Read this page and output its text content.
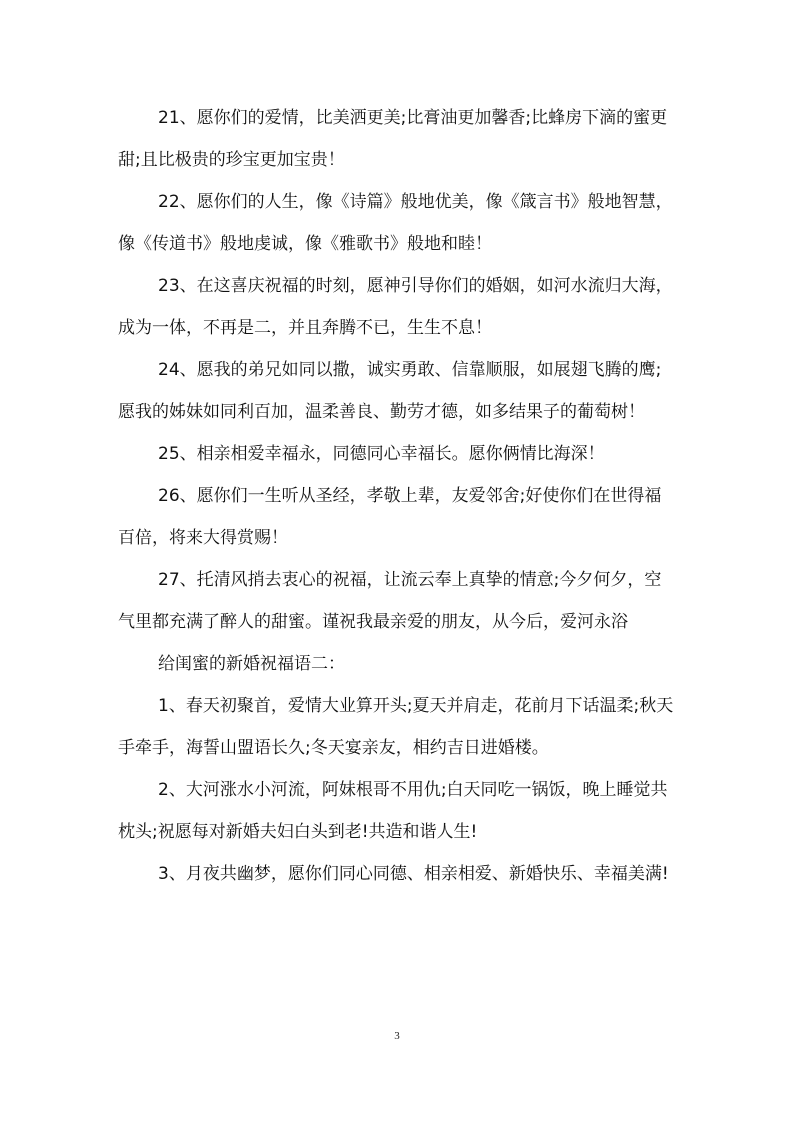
21、愿你们的爱情，比美洒更美;比膏油更加馨香;比蜂房下滴的蜜更甜;且比极贵的珍宝更加宝贵！

22、愿你们的人生，像《诗篇》般地优美，像《箴言书》般地智慧，像《传道书》般地虔诚，像《雅歌书》般地和睦！

23、在这喜庆祝福的时刻，愿神引导你们的婚姻，如河水流归大海，成为一体，不再是二，并且奔腾不已，生生不息！

24、愿我的弟兄如同以撒，诚实勇敢、信靠顺服，如展翅飞腾的鹰;愿我的姊妹如同利百加，温柔善良、勤劳才德，如多结果子的葡萄树！

25、相亲相爱幸福永，同德同心幸福长。愿你俩情比海深！

26、愿你们一生听从圣经，孝敬上辈，友爱邻舍;好使你们在世得福百倍，将来大得赏赐！

27、托清风捎去衷心的祝福，让流云奉上真挚的情意;今夕何夕，空气里都充满了醉人的甜蜜。谨祝我最亲爱的朋友，从今后，爱河永浴

给闺蜜的新婚祝福语二：

1、春天初聚首，爱情大业算开头;夏天并肩走，花前月下话温柔;秋天手牵手，海誓山盟语长久;冬天宴亲友，相约吉日进婚楼。

2、大河涨水小河流，阿妹根哥不用仇;白天同吃一锅饭，晚上睡觉共枕头;祝愿每对新婚夫妇白头到老!共造和谐人生!

3、月夜共幽梦，愿你们同心同德、相亲相爱、新婚快乐、幸福美满!

3
